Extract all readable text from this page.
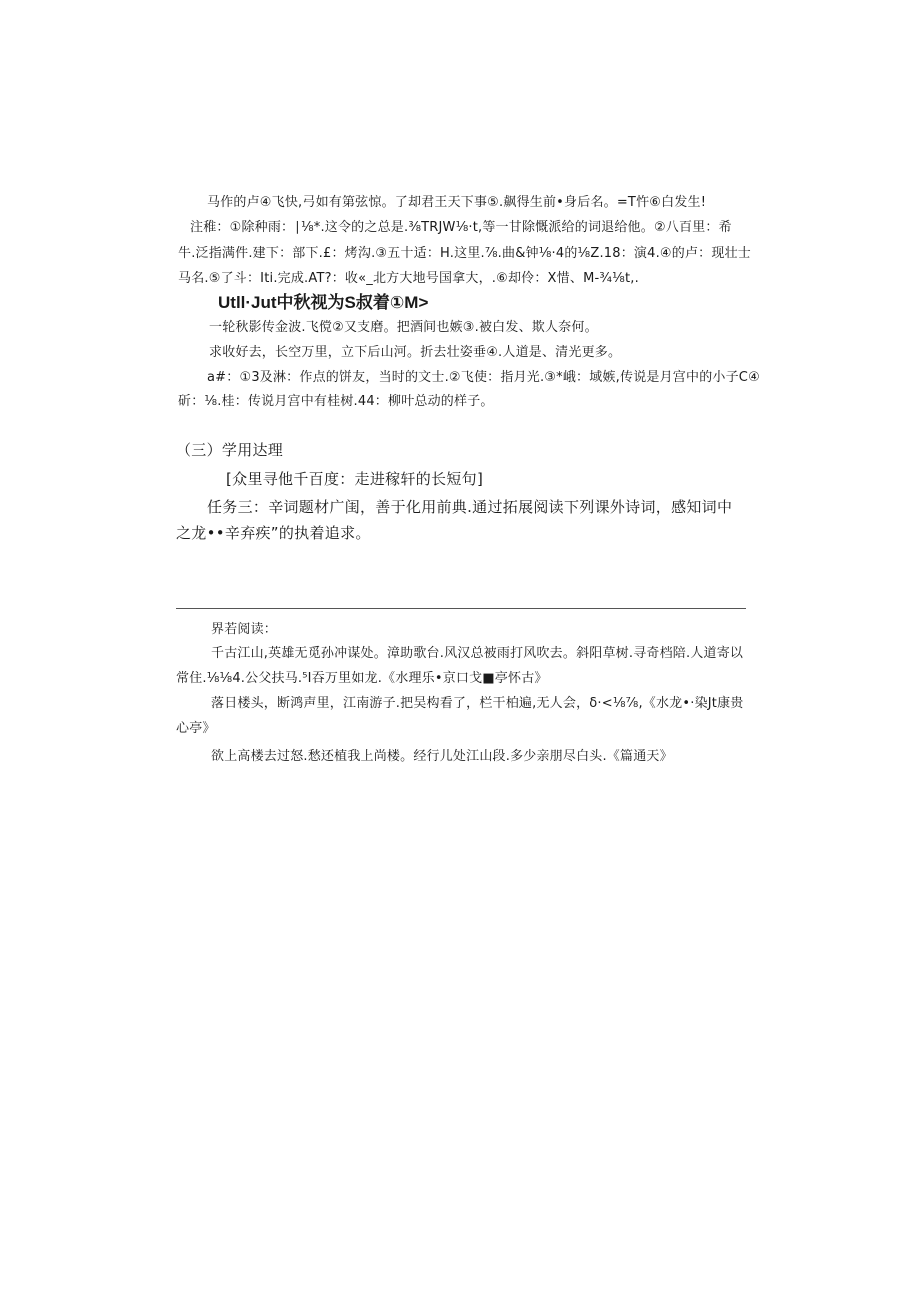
马作的卢④飞快,弓如有第弦惊。了却君王天下事⑤.飙得生前•身后名。=T忤⑥白发生!

注稚：①除种雨：∣⅛*.这令的之总是.⅜TRJW⅛·t,等一甘除慨派给的词退给他。②八百里：希

牛.泛指满件.建下：部下.£：烤沟.③五十适：H.这里.⅞.曲&钟⅛·4的⅛Z.18：演4.④的卢：现壮士

马名.⑤了斗：Iti.完成.AT?：收«_北方大地号国拿大，.⑥却伶：X惜、M-¾⅛t,.

Utll·Jut中秋视为S叔着①M>

一轮秋影传金波.飞傥②又支磨。把酒间也嫉③.被白发、欺人奈何。

求收好去，长空万里，立下后山河。折去壮姿垂④.人道是、清光更多。

a#：①3及淋：作点的饼友，当时的文士.②飞使：指月光.③*峨：域嫉,传说是月宫中的小子C④

斫：⅛.桂：传说月宫中有桂树.44：柳叶总动的样子。

（三）学用达理

[众里寻他千百度：走进稼轩的长短句]

任务三：辛词题材广闺，善于化用前典.通过拓展阅读下列课外诗词，感知词中

之龙••辛弃疾”的执着追求。

界若阅读：

千古江山,英雄无觅孙冲谋处。漳助歌台.风汉总被雨打风吹去。斜阳草树.寻奇档陪.人道寄以

常住.⅛⅛4.公父扶马.⁵I吞万里如龙.《水理乐•京口戈■亭怀古》

落日楼头，断鸿声里，江南游子.把吴构看了，栏干柏遍,无人会，δ·<⅛⅞,《水龙•·染Jt康贵

心亭》

欲上高楼去过怒.愁还植我上尚楼。经行儿处江山段.多少亲朋尽白头.《篇通天》
